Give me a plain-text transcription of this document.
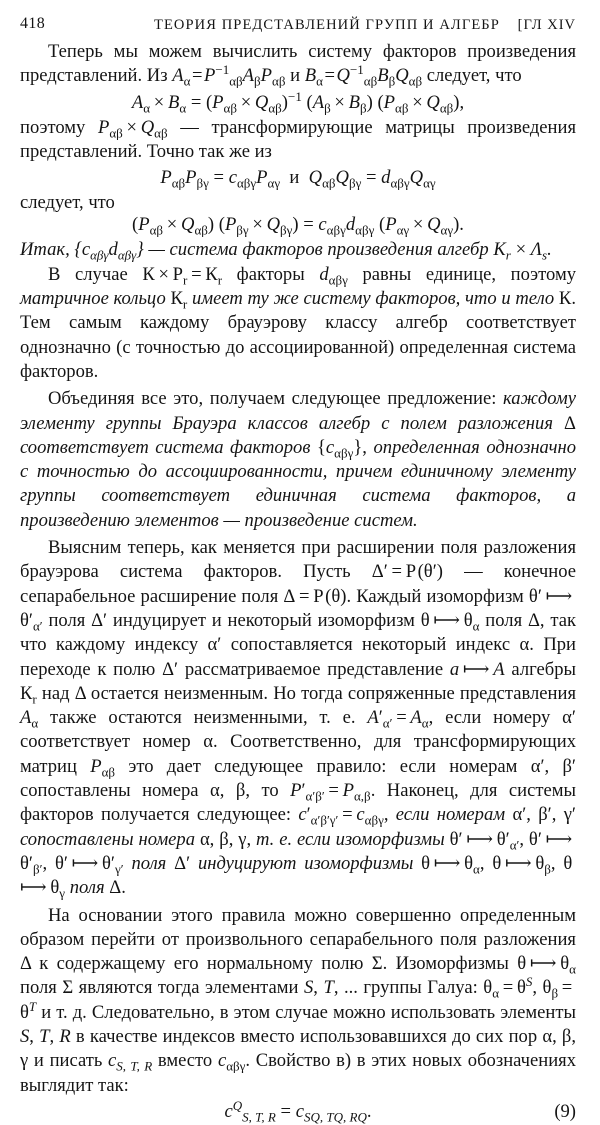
418	ТЕОРИЯ ПРЕДСТАВЛЕНИЙ ГРУПП И АЛГЕБР [ГЛ XIV

Теперь мы можем вычислить систему факторов произведения представлений. Из $A_\alpha$ = $P^{-1}_{\alpha\beta}A_\beta P_{\alpha\beta}$ и $B_\alpha$ = $Q^{-1}_{\alpha\beta}B_\beta Q_{\alpha\beta}$ следует, что

$A_\alpha \times B_\alpha = (P_{\alpha\beta} \times Q_{\alpha\beta})^{-1}$ $(A_\beta \times B_\beta) (P_{\alpha\beta} \times Q_{\alpha\beta})$,

поэтому $P_{\alpha\beta} \times Q_{\alpha\beta}$ — трансформирующие матрицы произведения представлений. Точно так же из

$P_{\alpha\beta}P_{\beta\gamma} = c_{\alpha\beta\gamma}P_{\alpha\gamma}$  и  $Q_{\alpha\beta}Q_{\beta\gamma} = d_{\alpha\beta\gamma}Q_{\alpha\gamma}$

следует, что

$(P_{\alpha\beta} \times Q_{\alpha\beta}) (P_{\beta\gamma} \times Q_{\beta\gamma}) = c_{\alpha\beta\gamma}d_{\alpha\beta\gamma}$ $(P_{\alpha\gamma} \times Q_{\alpha\gamma})$.

Итак, $\{c_{\alpha\beta\gamma}d_{\alpha\beta\gamma}\}$ — система факторов произведения алгебр $К_r \times \Lambda_s$.

В случае $К \times Р_r = К_r$ факторы $d_{\alpha\beta\gamma}$ равны единице, поэтому матричное кольцо $К_r$ имеет ту же систему факторов, что и тело К. Тем самым каждому брауэрову классу алгебр соответствует однозначно (с точностью до ассоциированной) определенная система факторов.

Объединяя все это, получаем следующее предложение: каждому элементу группы Брауэра классов алгебр с полем разложения Δ соответствует система факторов $\{c_{\alpha\beta\gamma}\}$, определенная однозначно с точностью до ассоциированности, причем единичному элементу группы соответствует единичная система факторов, а произведению элементов — произведение систем.

Выясним теперь, как меняется при расширении поля разложения брауэрова система факторов. Пусть Δ′ = Р (θ′) — конечное сепарабельное расширение поля Δ = Р (θ). Каждый изоморфизм θ′ ⟼ $\theta'_{\alpha'}$ поля Δ′ индуцирует и некоторый изоморфизм θ ⟼ $\theta_\alpha$ поля Δ, так что каждому индексу α′ сопоставляется некоторый индекс α. При переходе к полю Δ′ рассматриваемое представление a ⟼ A алгебры $К_r$ над Δ остается неизменным. Но тогда сопряженные представления $A_\alpha$ также остаются неизменными, т. е. $A'_{\alpha'} = A_\alpha$, если номеру α′ соответствует номер α. Соответственно, для трансформирующих матриц $P_{\alpha\beta}$ это дает следующее правило: если номерам α′, β′ сопоставлены номера α, β, то $P'_{\alpha'\beta'} = P_{\alpha,\beta}$. Наконец, для системы факторов получается следующее: $c'_{\alpha'\beta'\gamma'} = c_{\alpha\beta\gamma}$, если номерам α′, β′, γ′ сопоставлены номера α, β, γ, т. е. если изоморфизмы θ′ ⟼ $\theta'_{\alpha'}$, θ′ ⟼ $\theta'_{\beta'}$, θ′ ⟼ $\theta'_{\gamma'}$ поля Δ′ индуцируют изоморфизмы θ ⟼ $\theta_\alpha$, θ ⟼ $\theta_\beta$, θ ⟼ $\theta_\gamma$ поля Δ.

На основании этого правила можно совершенно определенным образом перейти от произвольного сепарабельного поля разложения Δ к содержащему его нормальному полю Σ. Изоморфизмы θ ⟼ $\theta_\alpha$ поля Σ являются тогда элементами S, T, ... группы Галуа: $\theta_\alpha = \theta^S$, $\theta_\beta = \theta^T$ и т. д. Следовательно, в этом случае можно использовать элементы S, T, R в качестве индексов вместо использовавшихся до сих пор α, β, γ и писать $c_{S, T, R}$ вместо $c_{\alpha\beta\gamma}$. Свойство в) в этих новых обозначениях выглядит так:

$c^Q_{S, T, R} = c_{SQ, TQ, RQ}$.	(9)
